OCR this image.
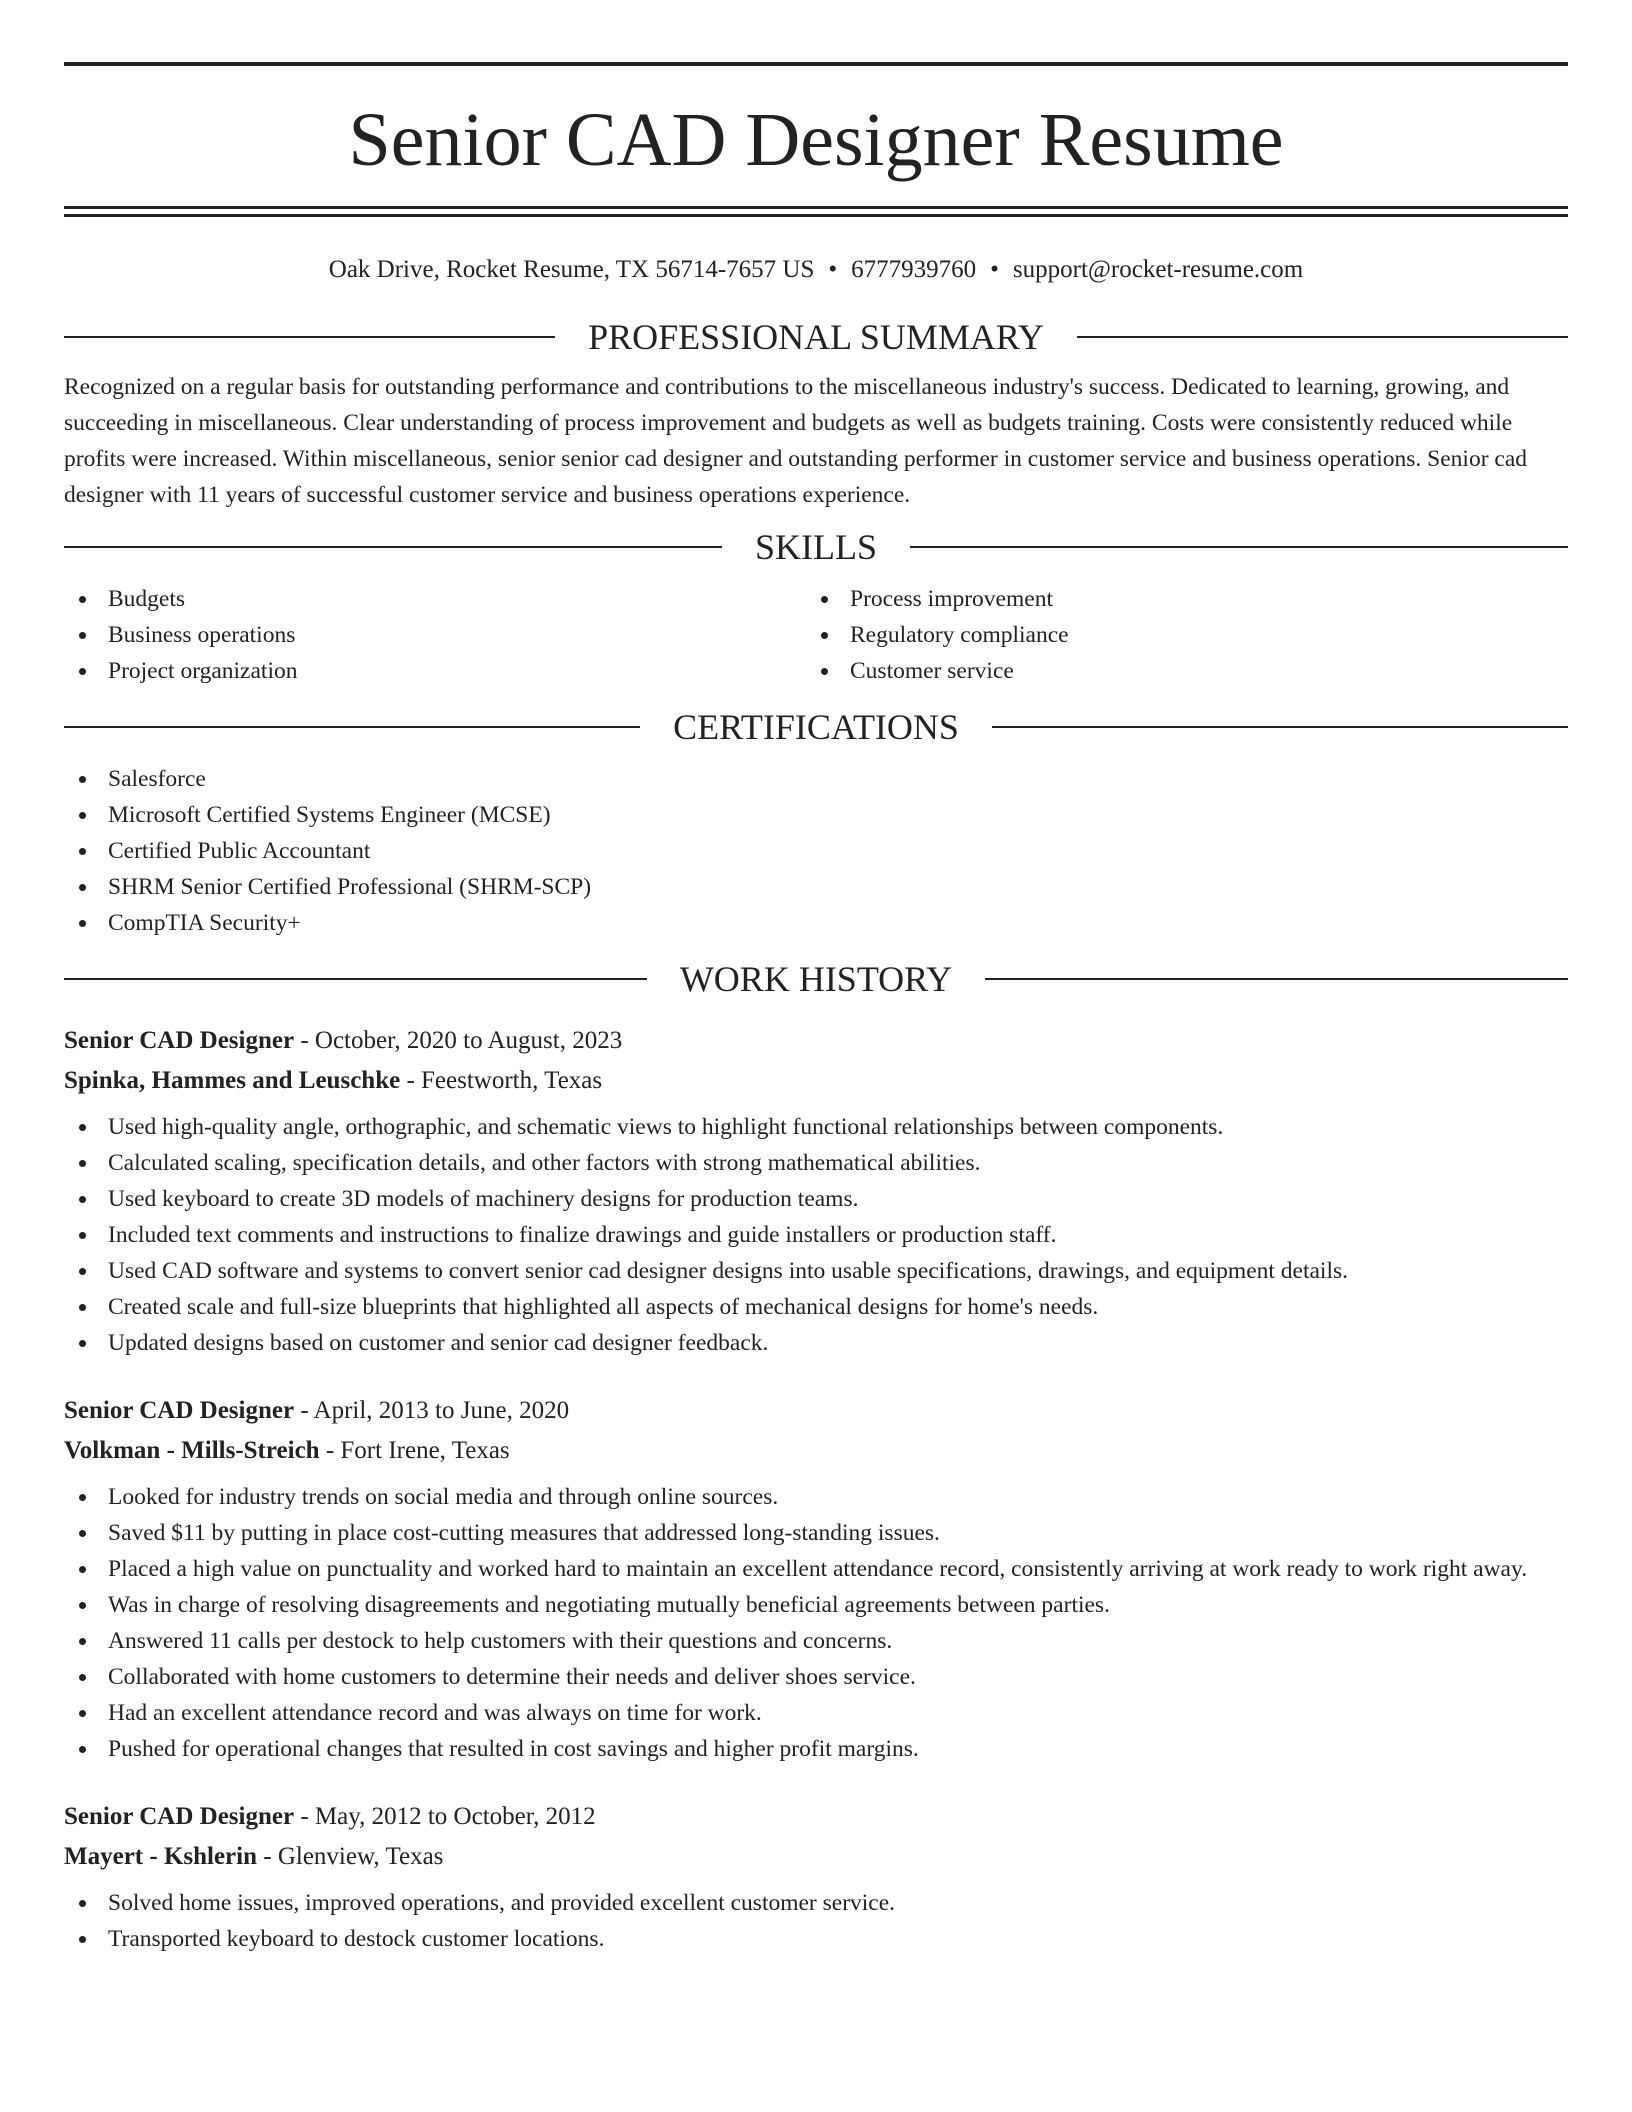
Senior CAD Designer Resume
Oak Drive, Rocket Resume, TX 56714-7657 US • 6777939760 • support@rocket-resume.com
PROFESSIONAL SUMMARY

Recognized on a regular basis for outstanding performance and contributions to the miscellaneous industry's success. Dedicated to learning, growing, and succeeding in miscellaneous. Clear understanding of process improvement and budgets as well as budgets training. Costs were consistently reduced while profits were increased. Within miscellaneous, senior senior cad designer and outstanding performer in customer service and business operations. Senior cad designer with 11 years of successful customer service and business operations experience.

SKILLS
Budgets
Business operations
Project organization
Process improvement
Regulatory compliance
Customer service
CERTIFICATIONS
Salesforce
Microsoft Certified Systems Engineer (MCSE)
Certified Public Accountant
SHRM Senior Certified Professional (SHRM-SCP)
CompTIA Security+
WORK HISTORY
Senior CAD Designer - October, 2020 to August, 2023
Spinka, Hammes and Leuschke - Feestworth, Texas
Used high-quality angle, orthographic, and schematic views to highlight functional relationships between components.
Calculated scaling, specification details, and other factors with strong mathematical abilities.
Used keyboard to create 3D models of machinery designs for production teams.
Included text comments and instructions to finalize drawings and guide installers or production staff.
Used CAD software and systems to convert senior cad designer designs into usable specifications, drawings, and equipment details.
Created scale and full-size blueprints that highlighted all aspects of mechanical designs for home's needs.
Updated designs based on customer and senior cad designer feedback.
Senior CAD Designer - April, 2013 to June, 2020
Volkman - Mills-Streich - Fort Irene, Texas
Looked for industry trends on social media and through online sources.
Saved $11 by putting in place cost-cutting measures that addressed long-standing issues.
Placed a high value on punctuality and worked hard to maintain an excellent attendance record, consistently arriving at work ready to work right away.
Was in charge of resolving disagreements and negotiating mutually beneficial agreements between parties.
Answered 11 calls per destock to help customers with their questions and concerns.
Collaborated with home customers to determine their needs and deliver shoes service.
Had an excellent attendance record and was always on time for work.
Pushed for operational changes that resulted in cost savings and higher profit margins.
Senior CAD Designer - May, 2012 to October, 2012
Mayert - Kshlerin - Glenview, Texas
Solved home issues, improved operations, and provided excellent customer service.
Transported keyboard to destock customer locations.
